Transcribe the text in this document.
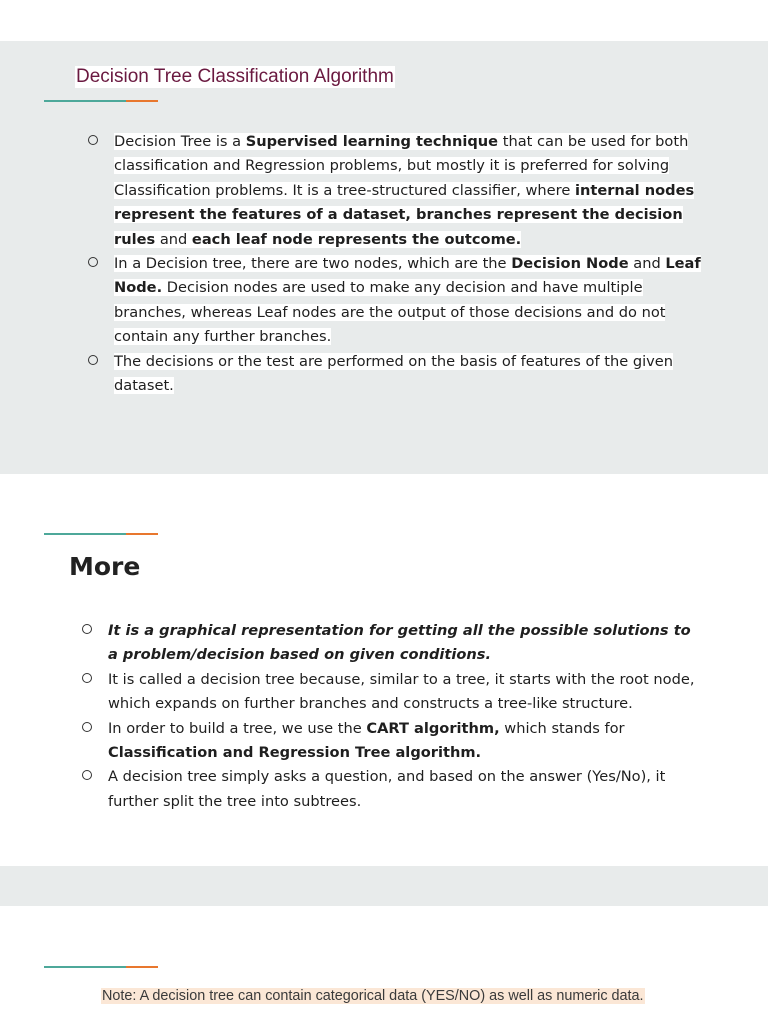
Decision Tree Classification Algorithm
Decision Tree is a Supervised learning technique that can be used for both classification and Regression problems, but mostly it is preferred for solving Classification problems. It is a tree-structured classifier, where internal nodes represent the features of a dataset, branches represent the decision rules and each leaf node represents the outcome.
In a Decision tree, there are two nodes, which are the Decision Node and Leaf Node. Decision nodes are used to make any decision and have multiple branches, whereas Leaf nodes are the output of those decisions and do not contain any further branches.
The decisions or the test are performed on the basis of features of the given dataset.
More
It is a graphical representation for getting all the possible solutions to a problem/decision based on given conditions.
It is called a decision tree because, similar to a tree, it starts with the root node, which expands on further branches and constructs a tree-like structure.
In order to build a tree, we use the CART algorithm, which stands for Classification and Regression Tree algorithm.
A decision tree simply asks a question, and based on the answer (Yes/No), it further split the tree into subtrees.
Note: A decision tree can contain categorical data (YES/NO) as well as numeric data.
